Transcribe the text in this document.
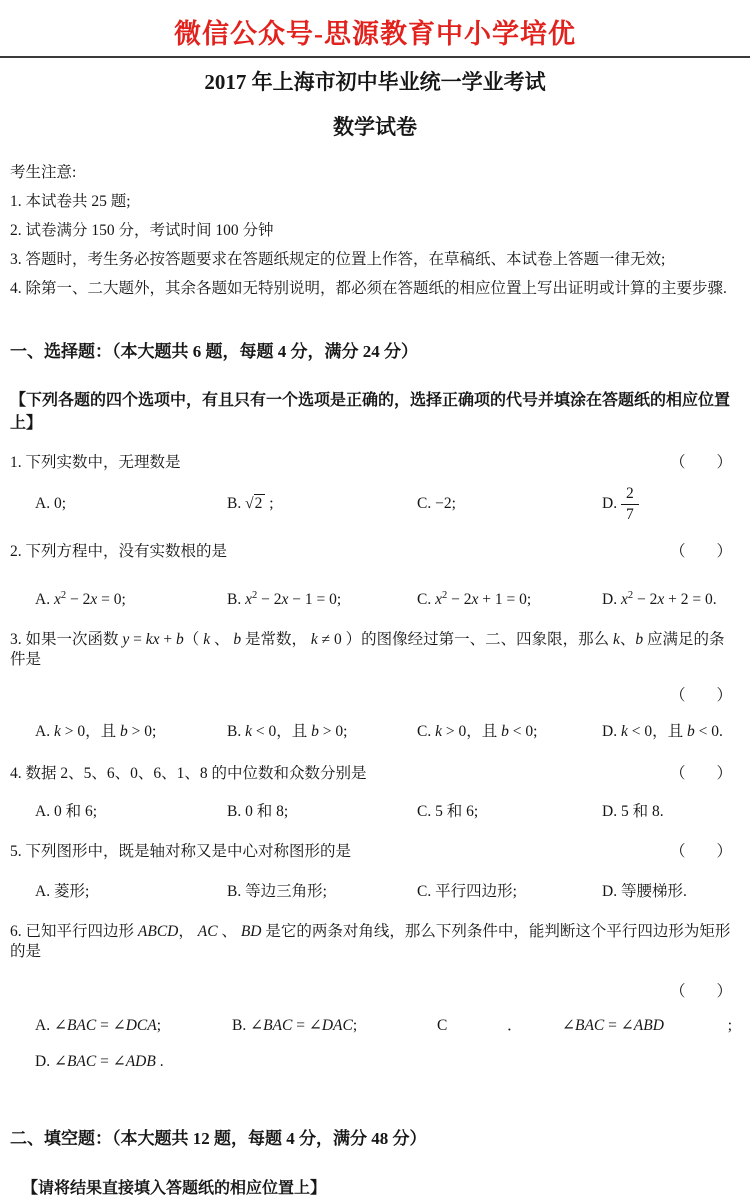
微信公众号-思源教育中小学培优
2017 年上海市初中毕业统一学业考试
数学试卷
考生注意:
1. 本试卷共 25 题;
2. 试卷满分 150 分，考试时间 100 分钟
3. 答题时，考生务必按答题要求在答题纸规定的位置上作答，在草稿纸、本试卷上答题一律无效;
4. 除第一、二大题外，其余各题如无特别说明，都必须在答题纸的相应位置上写出证明或计算的主要步骤.
一、选择题：（本大题共 6 题，每题 4 分，满分 24 分）
【下列各题的四个选项中，有且只有一个选项是正确的，选择正确项的代号并填涂在答题纸的相应位置上】
1. 下列实数中，无理数是	（　　）
A. 0;	B. √2 ;	C. −2;	D. $\frac{2}{7}$
2. 下列方程中，没有实数根的是	（　　）
A. $x^2 - 2x = 0$;	B. $x^2 - 2x - 1 = 0$;	C. $x^2 - 2x + 1 = 0$;	D. $x^2 - 2x + 2 = 0$.
3. 如果一次函数 y = kx + b（ k 、 b 是常数， k ≠ 0 ）的图像经过第一、二、四象限，那么 k、b 应满足的条件是
（　　）
A. k > 0，且 b > 0;	B. k < 0，且 b > 0;	C. k > 0，且 b < 0;	D. k < 0，且 b < 0.
4. 数据 2、5、6、0、6、1、8 的中位数和众数分别是	（　　）
A. 0 和 6;	B. 0 和 8;	C. 5 和 6;	D. 5 和 8.
5. 下列图形中，既是轴对称又是中心对称图形的是	（　　）
A. 菱形;	B. 等边三角形;	C. 平行四边形;	D. 等腰梯形.
6. 已知平行四边形 ABCD， AC 、 BD 是它的两条对角线，那么下列条件中，能判断这个平行四边形为矩形的是
（　　）
A. ∠BAC = ∠DCA;	B. ∠BAC = ∠DAC;	C	．	∠BAC = ∠ABD	;
D. ∠BAC = ∠ADB .
二、填空题：（本大题共 12 题，每题 4 分，满分 48 分）
【请将结果直接填入答题纸的相应位置上】
